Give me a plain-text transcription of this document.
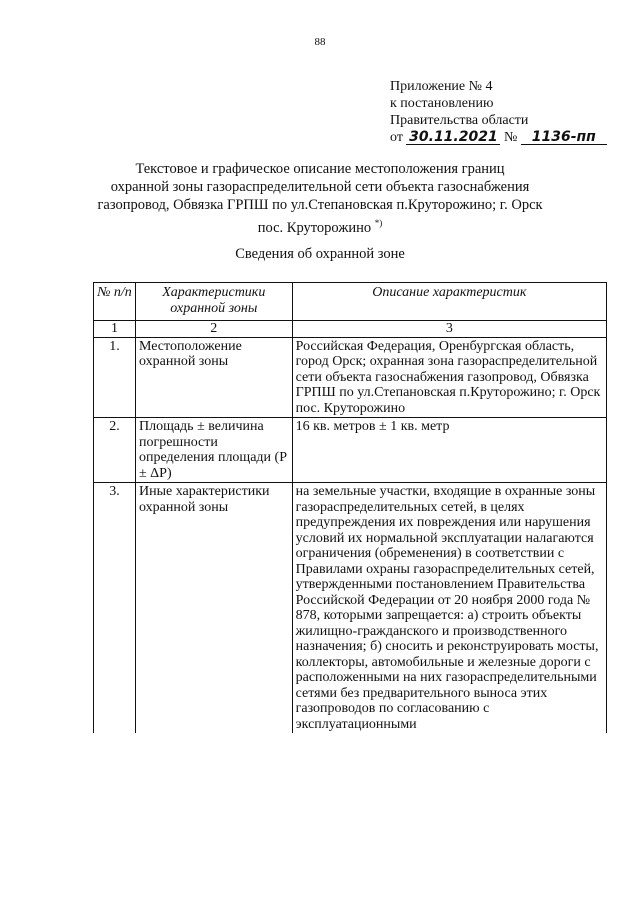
88
Приложение № 4
к постановлению
Правительства области
от 30.11.2021 № 1136-пп
Текстовое и графическое описание местоположения границ
охранной зоны газораспределительной сети объекта газоснабжения
газопровод, Обвязка ГРПШ по ул.Степановская п.Круторожино; г. Орск
пос. Круторожино *)
Сведения об охранной зоне
№ п/п	Характеристики охранной зоны	Описание характеристик
1	2	3
1.	Местоположение охранной зоны	Российская Федерация, Оренбургская область, город Орск; охранная зона газораспределительной сети объекта газоснабжения газопровод, Обвязка ГРПШ по ул.Степановская п.Круторожино; г. Орск пос. Круторожино
2.	Площадь ± величина погрешности определения площади (P ± ΔP)	16 кв. метров ± 1 кв. метр
3.	Иные характеристики охранной зоны	на земельные участки, входящие в охранные зоны газораспределительных сетей, в целях предупреждения их повреждения или нарушения условий их нормальной эксплуатации налагаются ограничения (обременения) в соответствии с Правилами охраны газораспределительных сетей, утвержденными постановлением Правительства Российской Федерации от 20 ноября 2000 года № 878, которыми запрещается: а) строить объекты жилищно-гражданского и производственного назначения; б) сносить и реконструировать мосты, коллекторы, автомобильные и железные дороги с расположенными на них газораспределительными сетями без предварительного выноса этих газопроводов по согласованию с эксплуатационными
